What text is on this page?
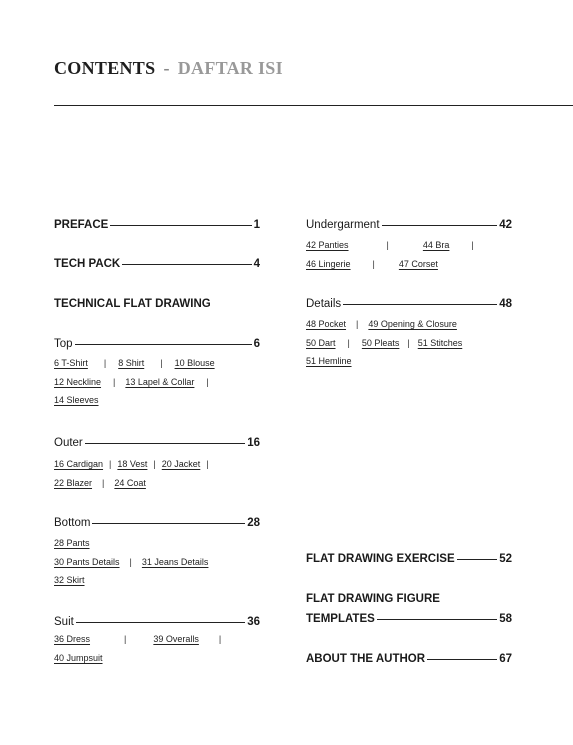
CONTENTS - DAFTAR ISI
PREFACE	1
TECH PACK	4
TECHNICAL FLAT DRAWING
Top	6
6 T-Shirt | 8 Shirt | 10 Blouse
12 Neckline | 13 Lapel & Collar |
14 Sleeves
Outer	16
16 Cardigan | 18 Vest | 20 Jacket |
22 Blazer | 24 Coat
Bottom	28
28 Pants
30 Pants Details | 31 Jeans Details
32 Skirt
Suit	36
36 Dress	|	39 Overalls |
40 Jumpsuit
Undergarment	42
42 Panties	|	44 Bra |
46 Lingerie |	47 Corset
Details	48
48 Pocket | 49 Opening & Closure
50 Dart | 50 Pleats | 51 Stitches
51 Hemline
FLAT DRAWING EXERCISE	52
FLAT DRAWING FIGURE
TEMPLATES	58
ABOUT THE AUTHOR	67
